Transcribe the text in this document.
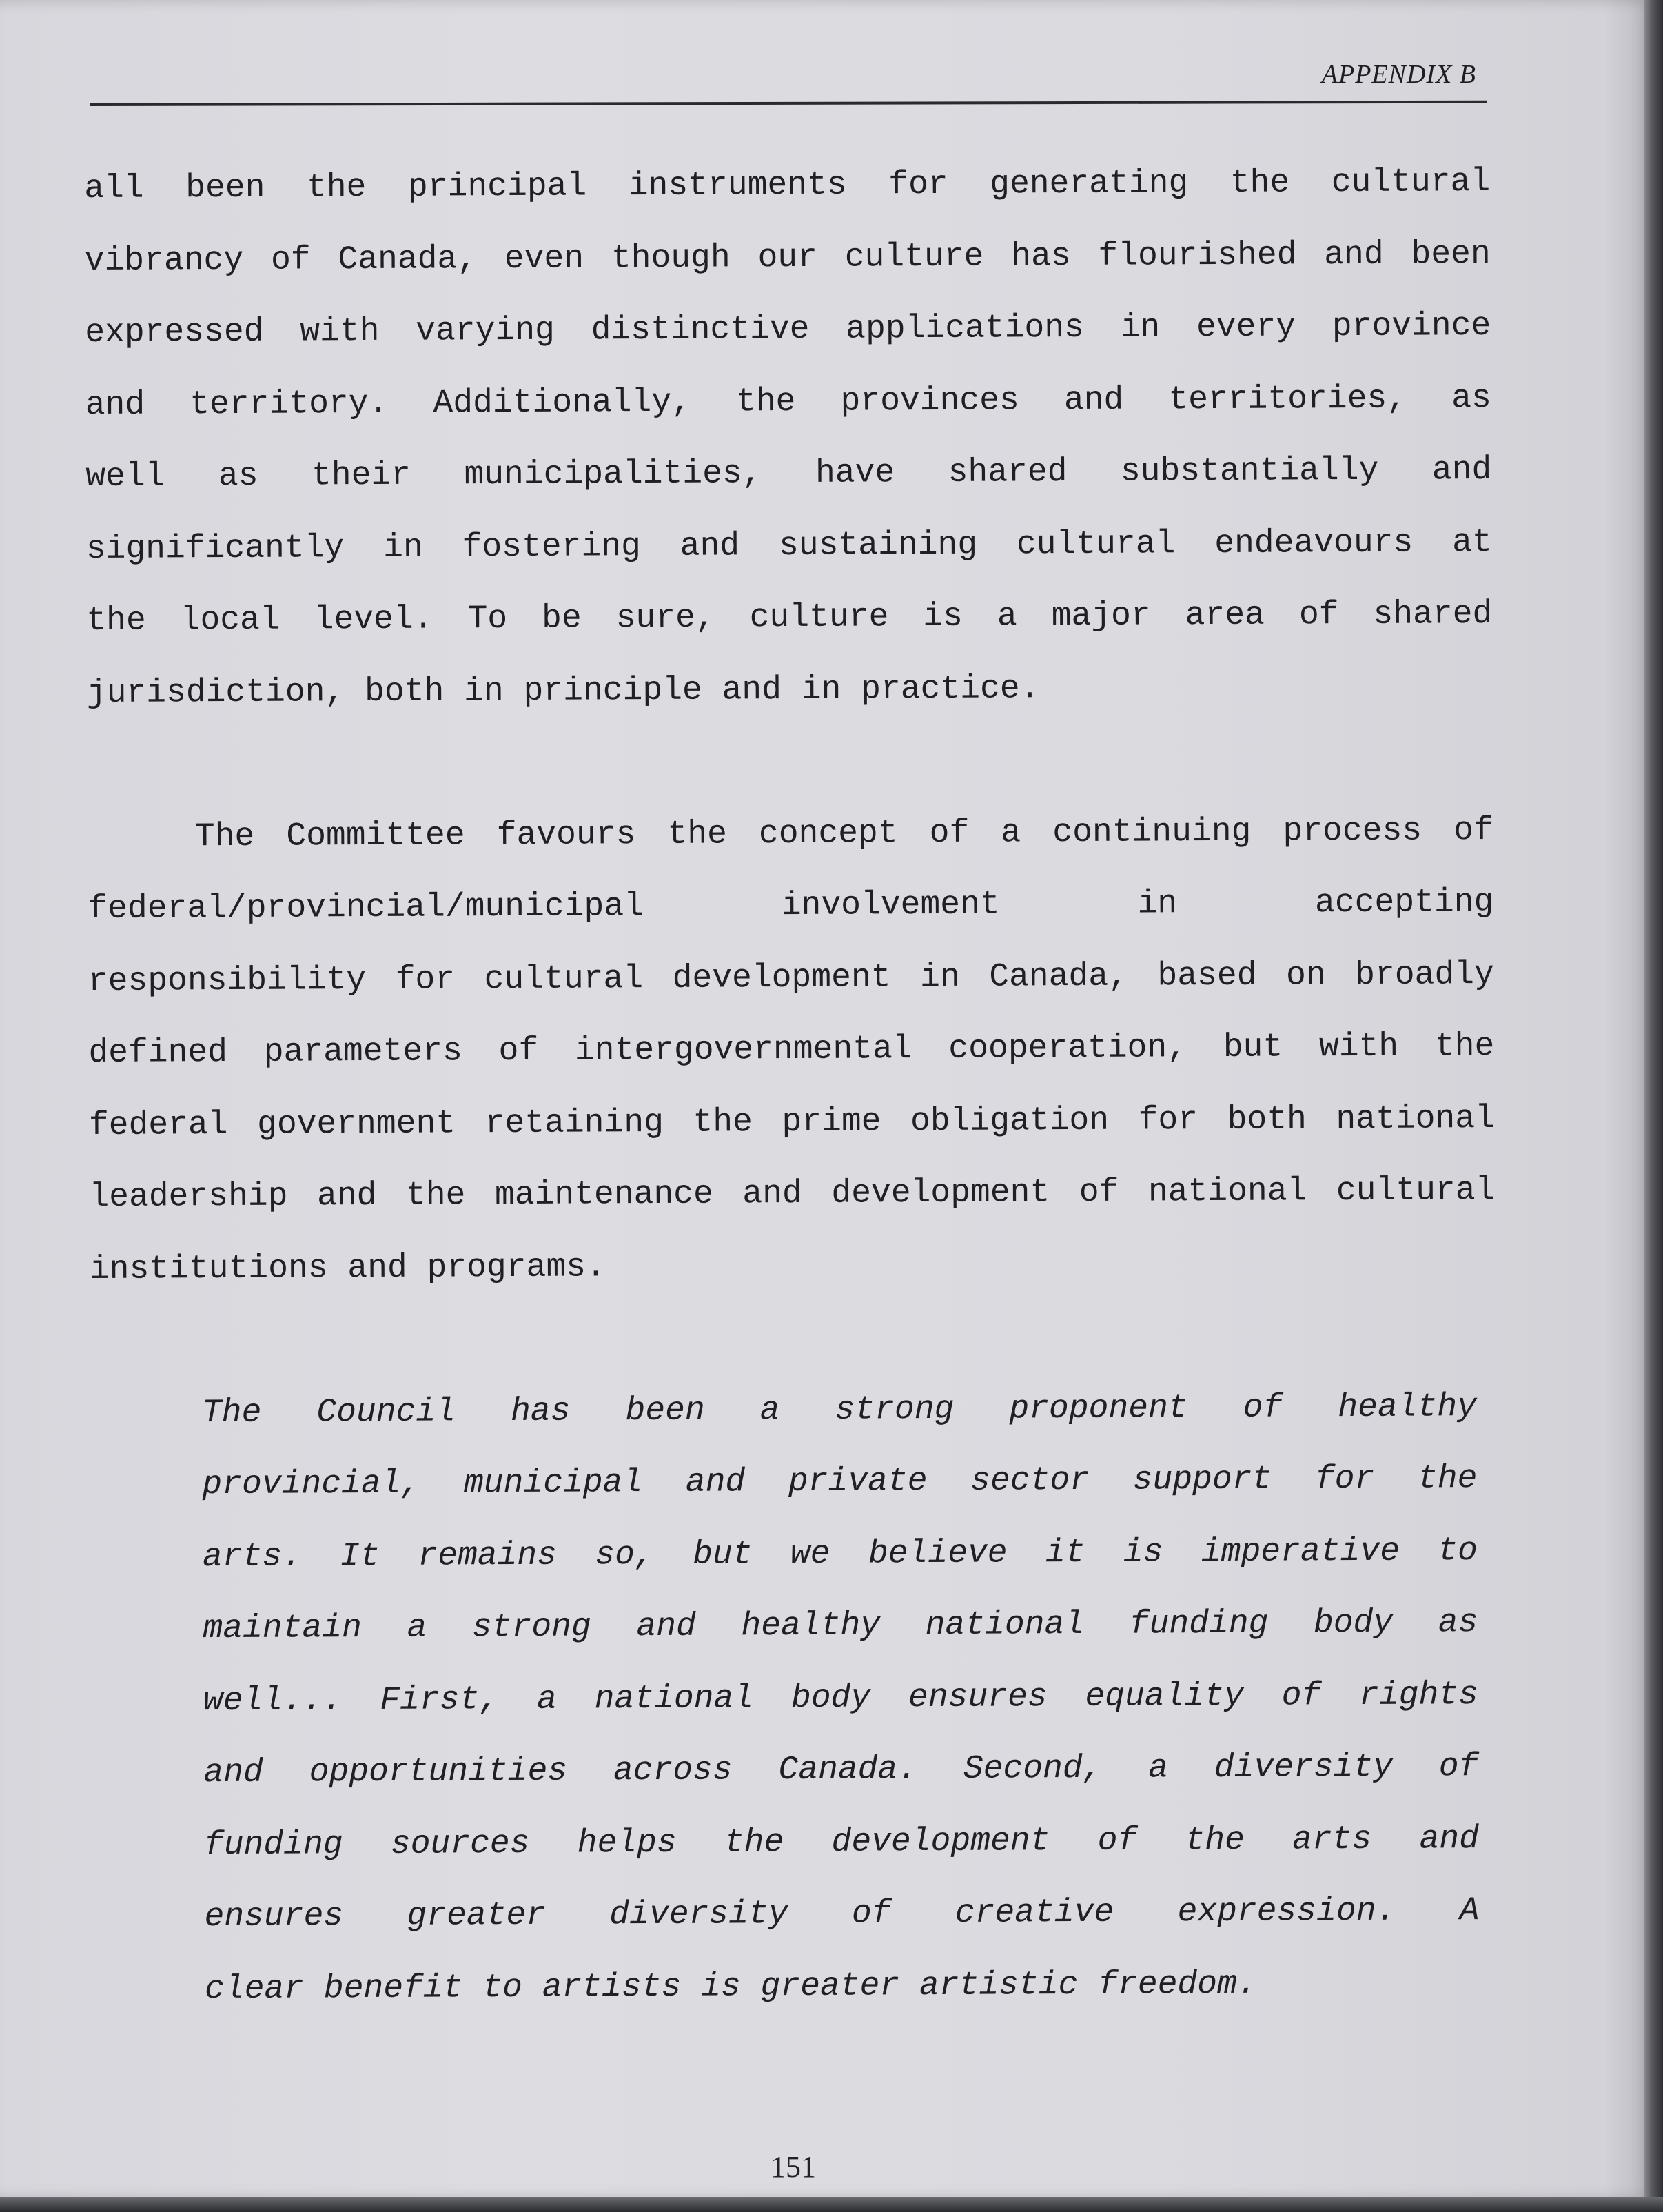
APPENDIX B
all been the principal instruments for generating the cultural
vibrancy of Canada, even though our culture has flourished and been
expressed with varying distinctive applications in every province
and territory. Additionally, the provinces and territories, as
well as their municipalities, have shared substantially and
significantly in fostering and sustaining cultural endeavours at
the local level. To be sure, culture is a major area of shared
jurisdiction, both in principle and in practice.
The Committee favours the concept of a continuing process of
federal/provincial/municipal involvement in accepting
responsibility for cultural development in Canada, based on broadly
defined parameters of intergovernmental cooperation, but with the
federal government retaining the prime obligation for both national
leadership and the maintenance and development of national cultural
institutions and programs.
The Council has been a strong proponent of healthy
provincial, municipal and private sector support for the
arts. It remains so, but we believe it is imperative to
maintain a strong and healthy national funding body as
well... First, a national body ensures equality of rights
and opportunities across Canada. Second, a diversity of
funding sources helps the development of the arts and
ensures greater diversity of creative expression. A
clear benefit to artists is greater artistic freedom.
151
